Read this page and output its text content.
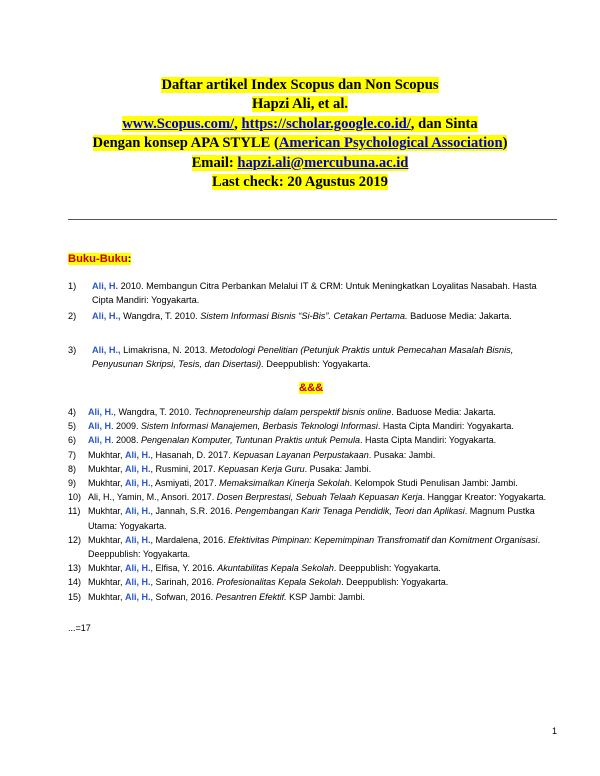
Daftar artikel Index Scopus dan Non Scopus
Hapzi Ali, et al.
www.Scopus.com/, https://scholar.google.co.id/, dan Sinta
Dengan konsep APA STYLE (American Psychological Association)
Email: hapzi.ali@mercubuna.ac.id
Last check: 20 Agustus 2019
Buku-Buku:
1) Ali, H. 2010. Membangun Citra Perbankan Melalui IT & CRM: Untuk Meningkatkan Loyalitas Nasabah. Hasta Cipta Mandiri: Yogyakarta.
2) Ali, H., Wangdra, T. 2010. Sistem Informasi Bisnis “Si-Bis”. Cetakan Pertama. Baduose Media: Jakarta.
3) Ali, H., Limakrisna, N. 2013. Metodologi Penelitian (Petunjuk Praktis untuk Pemecahan Masalah Bisnis, Penyusunan Skripsi, Tesis, dan Disertasi). Deeppublish: Yogyakarta.
&&&
4) Ali, H., Wangdra, T. 2010. Technopreneurship dalam perspektif bisnis online. Baduose Media: Jakarta.
5) Ali, H. 2009. Sistem Informasi Manajemen, Berbasis Teknologi Informasi. Hasta Cipta Mandiri: Yogyakarta.
6) Ali, H. 2008. Pengenalan Komputer, Tuntunan Praktis untuk Pemula. Hasta Cipta Mandiri: Yogyakarta.
7) Mukhtar, Ali, H., Hasanah, D. 2017. Kepuasan Layanan Perpustakaan. Pusaka: Jambi.
8) Mukhtar, Ali, H., Rusmini, 2017. Kepuasan Kerja Guru. Pusaka: Jambi.
9) Mukhtar, Ali, H., Asmiyati, 2017. Memaksimalkan Kinerja Sekolah. Kelompok Studi Penulisan Jambi: Jambi.
10) Ali, H., Yamin, M., Ansori. 2017. Dosen Berprestasi, Sebuah Telaah Kepuasan Kerja. Hanggar Kreator: Yogyakarta.
11) Mukhtar, Ali, H., Jannah, S.R. 2016. Pengembangan Karir Tenaga Pendidik, Teori dan Aplikasi. Magnum Pustka Utama: Yogyakarta.
12) Mukhtar, Ali, H., Mardalena, 2016. Efektivitas Pimpinan: Kepemimpinan Transfromatif dan Komitment Organisasi. Deeppublish: Yogyakarta.
13) Mukhtar, Ali, H., Elfisa, Y. 2016. Akuntabilitas Kepala Sekolah. Deeppublish: Yogyakarta.
14) Mukhtar, Ali, H., Sarinah, 2016. Profesionalitas Kepala Sekolah. Deeppublish: Yogyakarta.
15) Mukhtar, Ali, H., Sofwan, 2016. Pesantren Efektif. KSP Jambi: Jambi.
...=17
1
